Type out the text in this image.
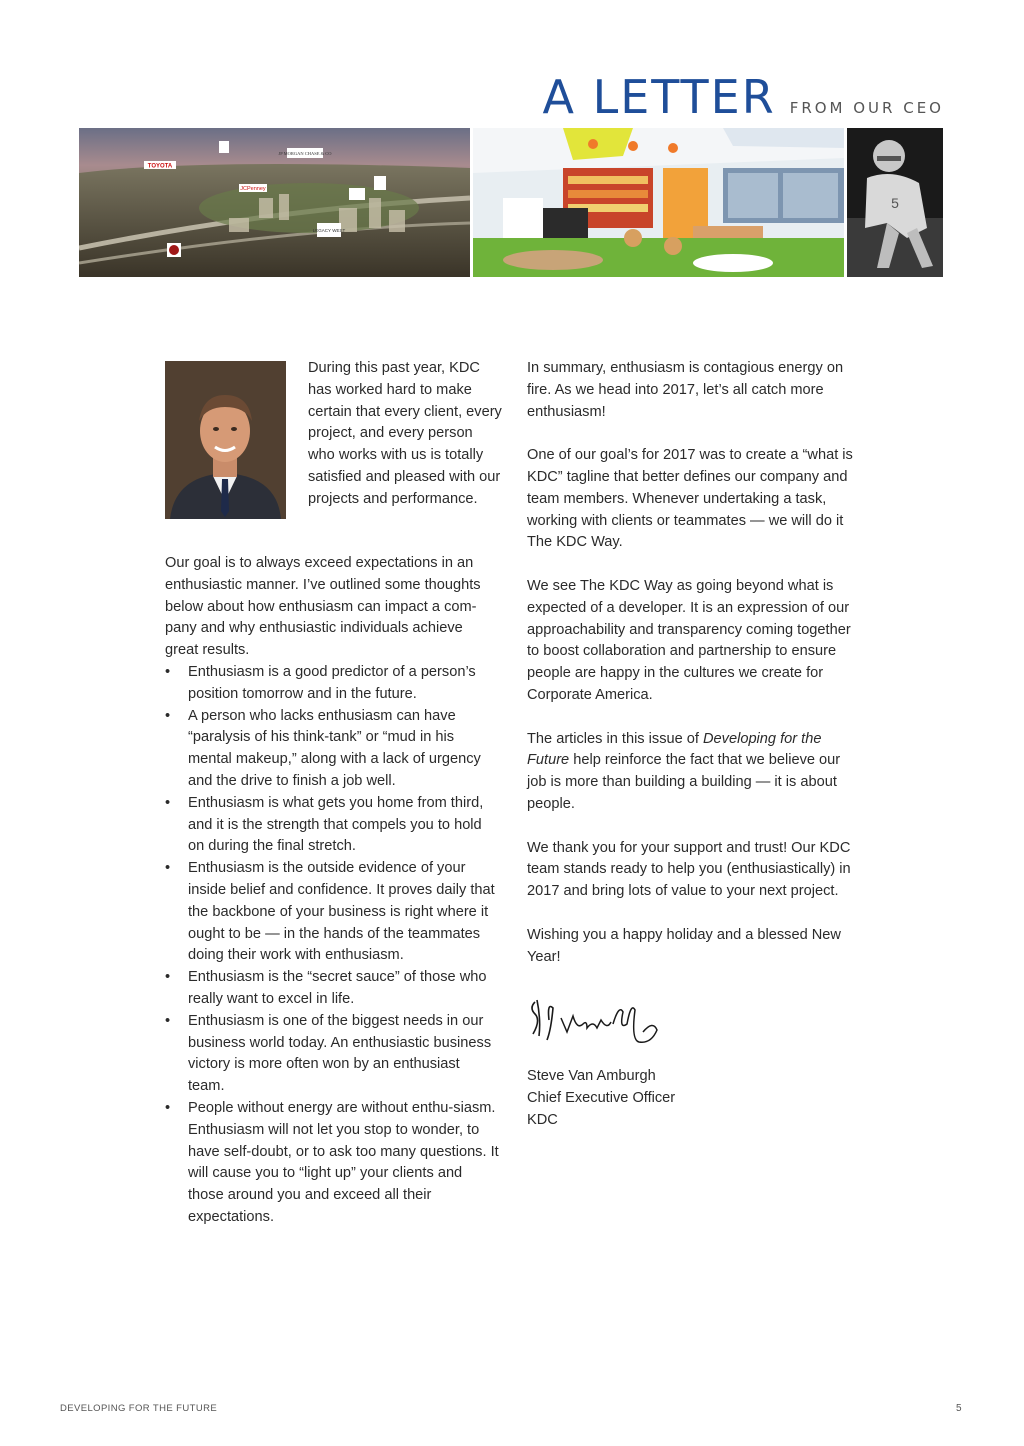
A LETTER FROM OUR CEO
TOYOTA
JP MORGAN CHASE & CO
JCPenney
LEGACY WEST
5
During this past year, KDC has worked hard to make certain that every client, every project, and every person who works with us is totally satisfied and pleased with our projects and performance.

Our goal is to always exceed expectations in an enthusiastic manner. I’ve outlined some thoughts below about how enthusiasm can impact a com-pany and why enthusiastic individuals achieve great results.

• Enthusiasm is a good predictor of a person’s position tomorrow and in the future.
• A person who lacks enthusiasm can have “paralysis of his think-tank” or “mud in his mental makeup,” along with a lack of urgency and the drive to finish a job well.
• Enthusiasm is what gets you home from third, and it is the strength that compels you to hold on during the final stretch.
• Enthusiasm is the outside evidence of your inside belief and confidence. It proves daily that the backbone of your business is right where it ought to be — in the hands of the teammates doing their work with enthusiasm.
• Enthusiasm is the “secret sauce” of those who really want to excel in life.
• Enthusiasm is one of the biggest needs in our business world today. An enthusiastic business victory is more often won by an enthusiast team.
• People without energy are without enthu-siasm. Enthusiasm will not let you stop to wonder, to have self-doubt, or to ask too many questions. It will cause you to “light up” your clients and those around you and exceed all their expectations.

In summary, enthusiasm is contagious energy on fire. As we head into 2017, let’s all catch more enthusiasm!

One of our goal’s for 2017 was to create a “what is KDC” tagline that better defines our company and team members. Whenever undertaking a task, working with clients or teammates — we will do it The KDC Way.

We see The KDC Way as going beyond what is expected of a developer. It is an expression of our approachability and transparency coming together to boost collaboration and partnership to ensure people are happy in the cultures we create for Corporate America.

The articles in this issue of Developing for the Future help reinforce the fact that we believe our job is more than building a building — it is about people.

We thank you for your support and trust! Our KDC team stands ready to help you (enthusiastically) in 2017 and bring lots of value to your next project.

Wishing you a happy holiday and a blessed New Year!

Steve Van Amburgh

Chief Executive Officer

KDC

DEVELOPING FOR THE FUTURE	5
